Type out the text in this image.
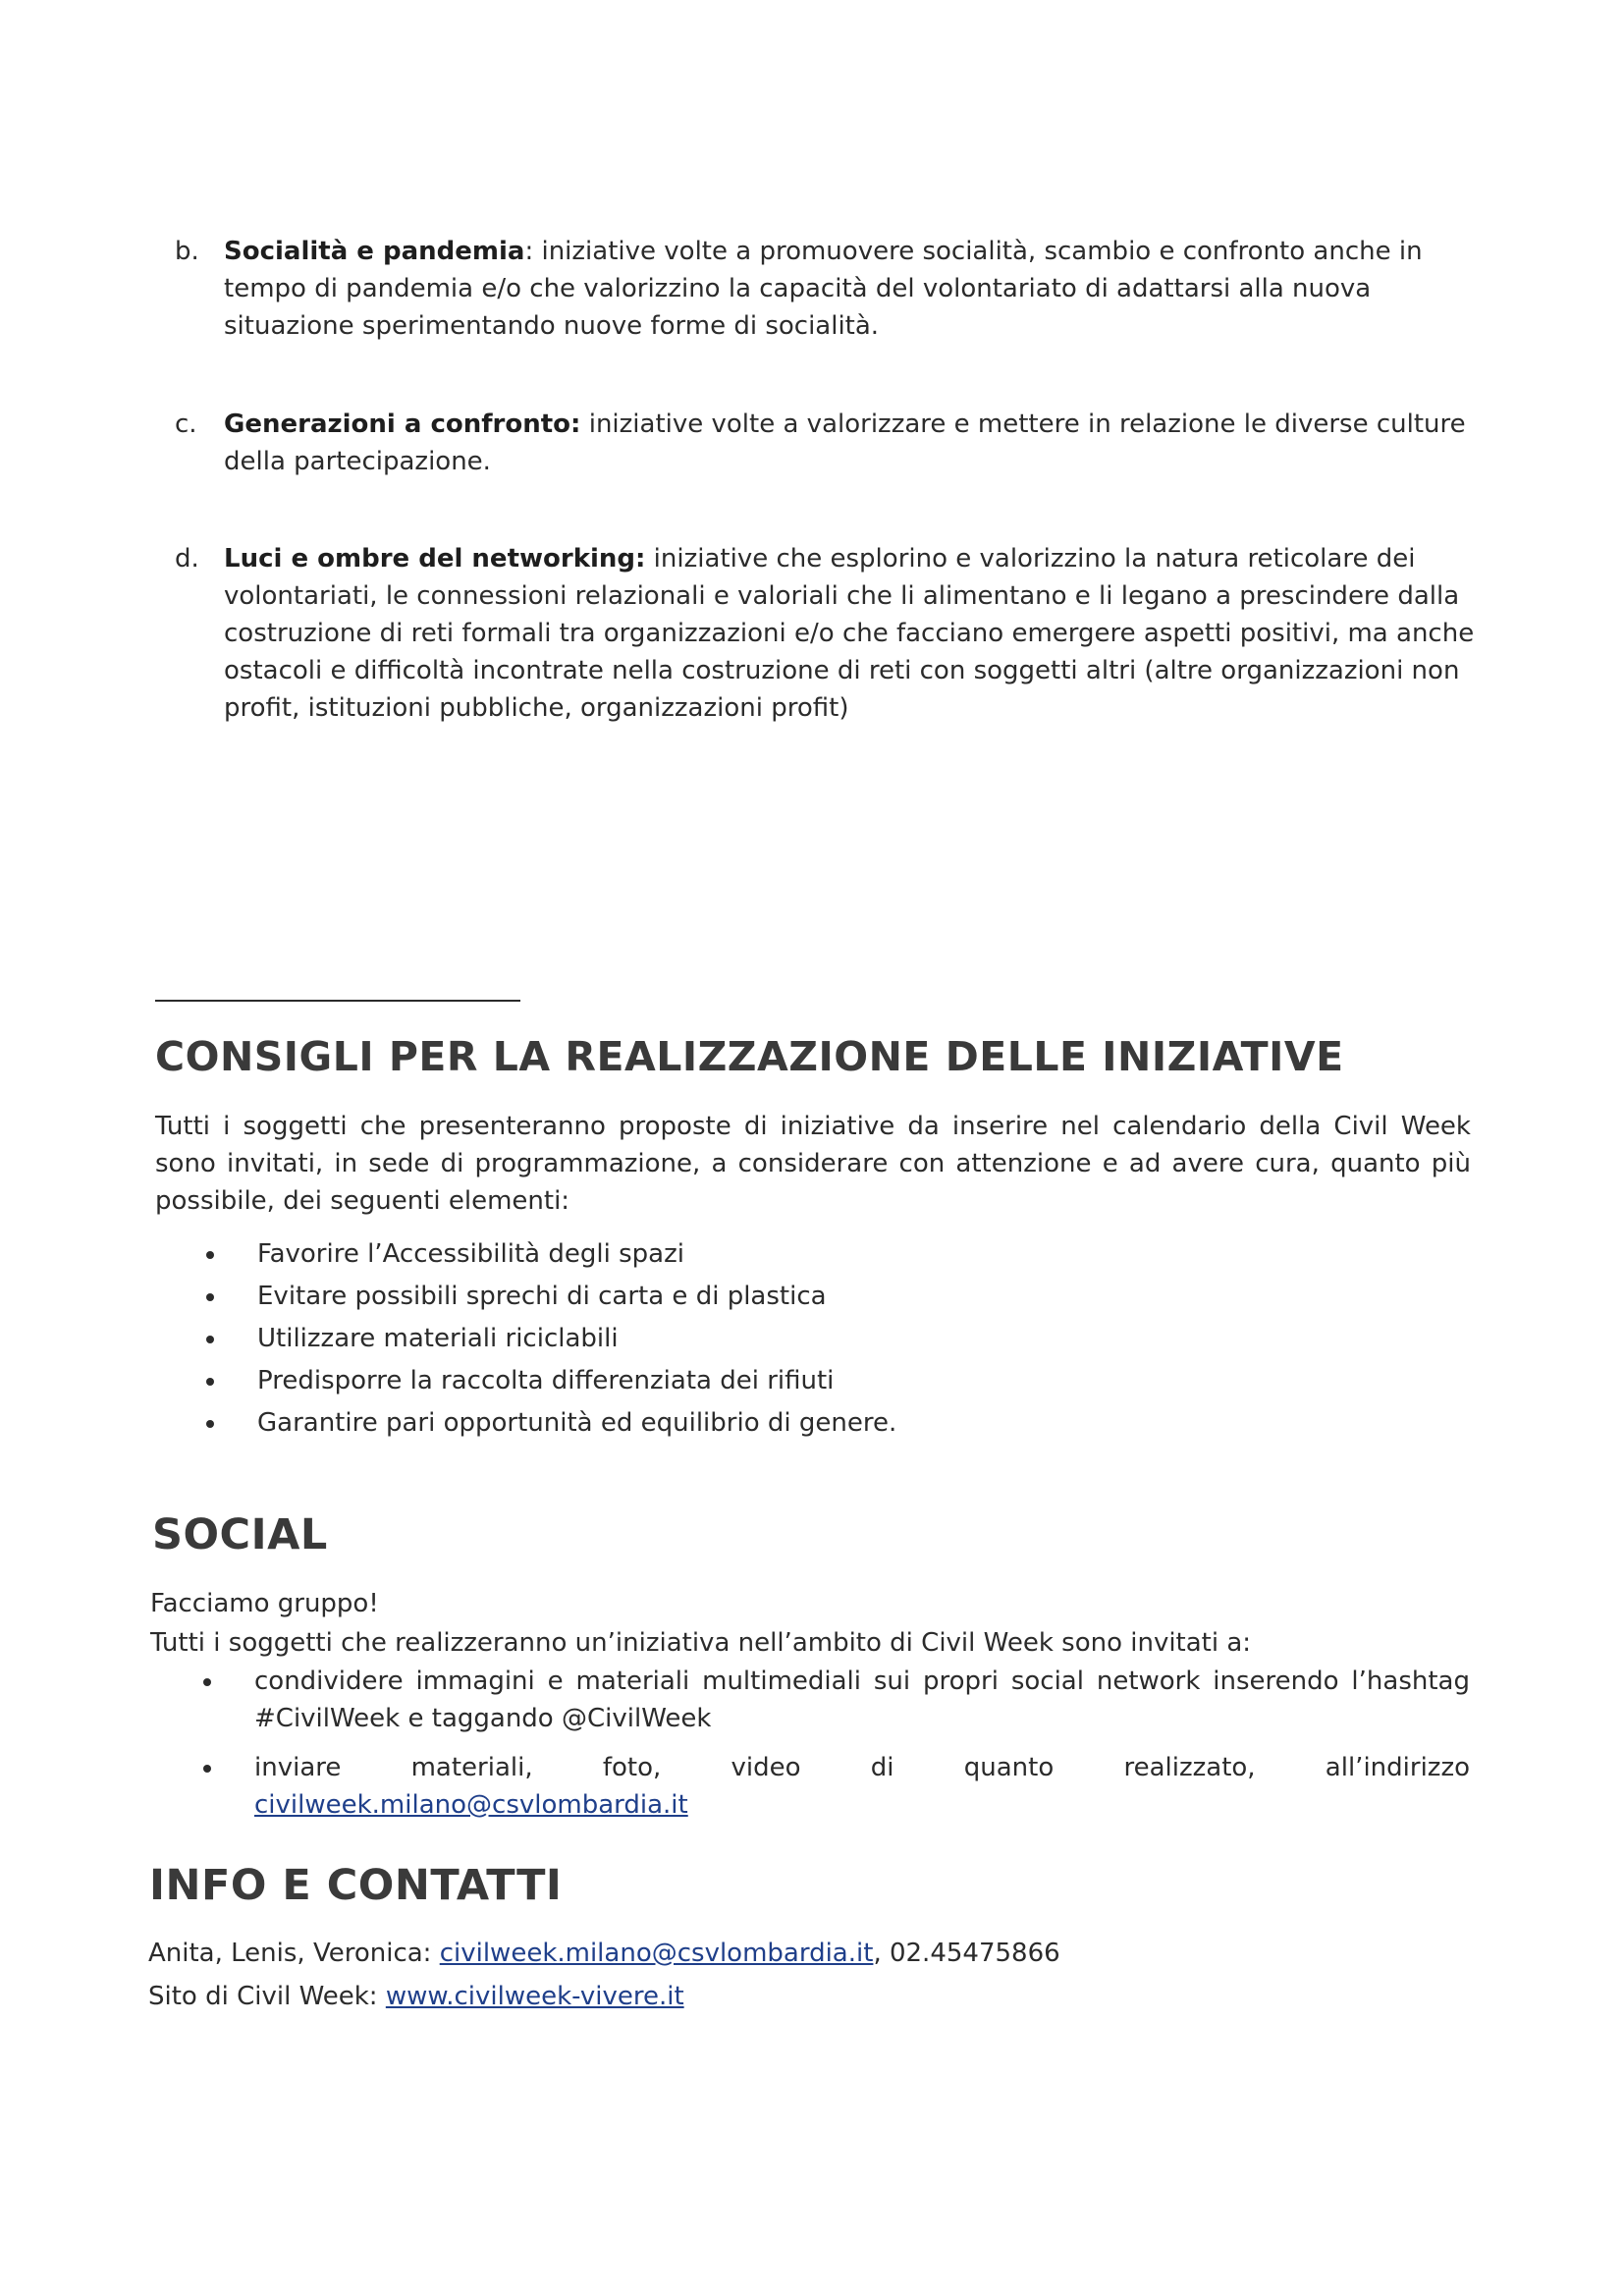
b. Socialità e pandemia: iniziative volte a promuovere socialità, scambio e confronto anche in tempo di pandemia e/o che valorizzino la capacità del volontariato di adattarsi alla nuova situazione sperimentando nuove forme di socialità.
c. Generazioni a confronto: iniziative volte a valorizzare e mettere in relazione le diverse culture della partecipazione.
d. Luci e ombre del networking: iniziative che esplorino e valorizzino la natura reticolare dei volontariati, le connessioni relazionali e valoriali che li alimentano e li legano a prescindere dalla costruzione di reti formali tra organizzazioni e/o che facciano emergere aspetti positivi, ma anche ostacoli e difficoltà incontrate nella costruzione di reti con soggetti altri (altre organizzazioni non profit, istituzioni pubbliche, organizzazioni profit)
CONSIGLI PER LA REALIZZAZIONE DELLE INIZIATIVE
Tutti i soggetti che presenteranno proposte di iniziative da inserire nel calendario della Civil Week sono invitati, in sede di programmazione, a considerare con attenzione e ad avere cura, quanto più possibile, dei seguenti elementi:
Favorire l’Accessibilità degli spazi
Evitare possibili sprechi di carta e di plastica
Utilizzare materiali riciclabili
Predisporre la raccolta differenziata dei rifiuti
Garantire pari opportunità ed equilibrio di genere.
SOCIAL
Facciamo gruppo!
Tutti i soggetti che realizzeranno un’iniziativa nell’ambito di Civil Week sono invitati a:
condividere immagini e materiali multimediali sui propri social network inserendo l’hashtag #CivilWeek e taggando @CivilWeek
inviare materiali, foto, video di quanto realizzato, all’indirizzo civilweek.milano@csvlombardia.it
INFO E CONTATTI
Anita, Lenis, Veronica: civilweek.milano@csvlombardia.it, 02.45475866
Sito di Civil Week: www.civilweek-vivere.it
